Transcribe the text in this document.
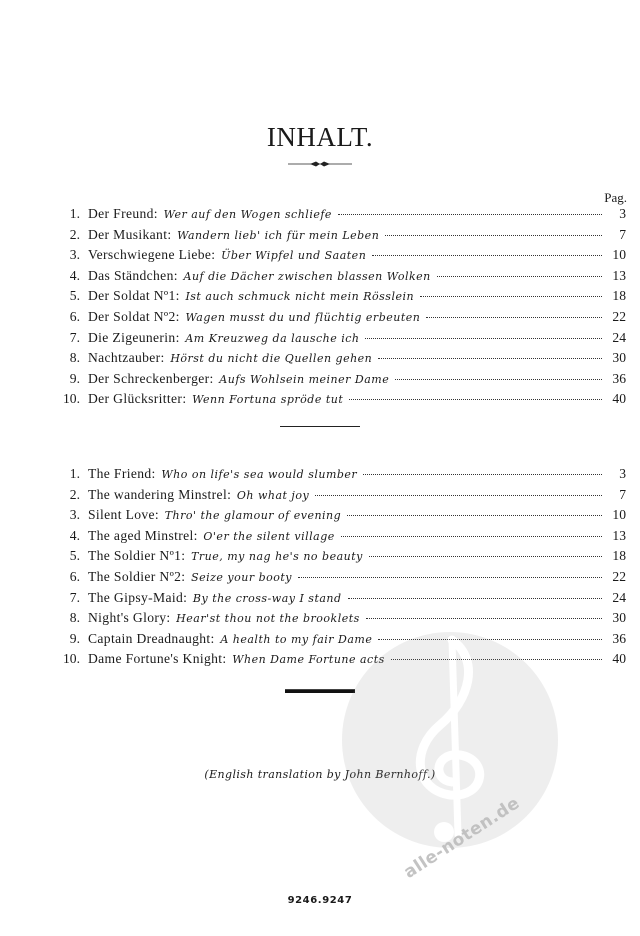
INHALT.
Pag.
1. Der Freund : Wer auf den Wogen schliefe	3
2. Der Musikant : Wandern lieb' ich für mein Leben	7
3. Verschwiegene Liebe : Über Wipfel und Saaten	10
4. Das Ständchen : Auf die Dächer zwischen blassen Wolken	13
5. Der Soldat Nº1 : Ist auch schmuck nicht mein Rösslein	18
6. Der Soldat Nº2 : Wagen musst du und flüchtig erbeuten	22
7. Die Zigeunerin : Am Kreuzweg da lausche ich	24
8. Nachtzauber : Hörst du nicht die Quellen gehen	30
9. Der Schreckenberger : Aufs Wohlsein meiner Dame	36
10. Der Glücksritter : Wenn Fortuna spröde tut	40
1. The Friend : Who on life's sea would slumber	3
2. The wandering Minstrel : Oh what joy	7
3. Silent Love : Thro' the glamour of evening	10
4. The aged Minstrel : O'er the silent village	13
5. The Soldier Nº1 : True, my nag he's no beauty	18
6. The Soldier Nº2 : Seize your booty	22
7. The Gipsy-Maid : By the cross-way I stand	24
8. Night's Glory : Hear'st thou not the brooklets	30
9. Captain Dreadnaught : A health to my fair Dame	36
10. Dame Fortune's Knight : When Dame Fortune acts	40
(English translation by John Bernhoff.)
9246.9247
alle-noten.de
